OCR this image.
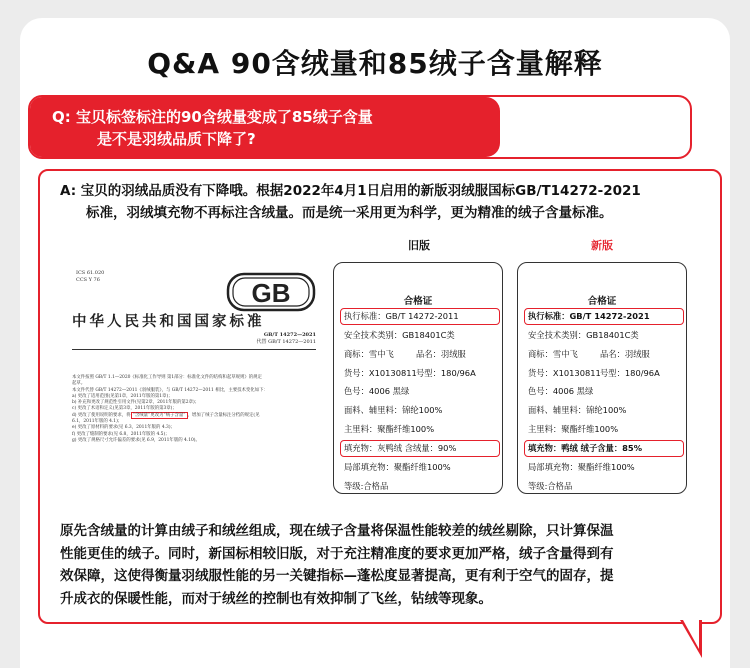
Q&A 90含绒量和85绒子含量解释
Q: 宝贝标签标注的90含绒量变成了85绒子含量
是不是羽绒品质下降了?
A: 宝贝的羽绒品质没有下降哦。根据2022年4月1日启用的新版羽绒服国标GB/T14272-2021
标准，羽绒填充物不再标注含绒量。而是统一采用更为科学，更为精准的绒子含量标准。
ICS 61.020
CCS Y 76	GB
中华人民共和国国家标准
GB/T 14272—2021
代替 GB/T 14272—2011
本文件按照 GB/T 1.1—2020《标准化工作导则 第1部分：标准化文件的结构和起草规则》的规定
起草。
本文件代替 GB/T 14272—2011《羽绒服装》，与 GB/T 14272—2011 相比，主要技术变化如下：
a) 更改了适用范围(见第1章，2011年版的第1章)；
b) 补充和更改了规范性引用文件(见第2章，2011年版的第2章)；
c) 更改了术语和定义(见第3章，2011年版的第3章)；
d) 更改了使用说明的要求，将 “含绒量”更改为“绒子含量” ，增加了绒子含量标注分档的规定(见
6.1，2011年版的 4.1)；
e) 更改了原材料的要求(见 6.3，2011年版的 4.3)；
f) 更改了缝制的要求(见 6.8，2011年版的 4.5)；
g) 更改了规格尺寸允许偏差的要求(见 6.9，2011年版的 4.10)。
旧版	新版
合格证
执行标准：GB/T 14272-2011
安全技术类别：GB18401C类
商标：雪中飞	品名：羽绒服
货号：X10130811 号型：180/96A
色号：4006 黑绿
面料、辅里料：锦纶100%
主里料：聚酯纤维100%
填充物：灰鸭绒 含绒量：90%
局部填充物：聚酯纤维100%
等级:合格品
合格证
执行标准：GB/T 14272-2021
安全技术类别：GB18401C类
商标：雪中飞	品名：羽绒服
货号：X10130811 号型：180/96A
色号：4006 黑绿
面料、辅里料：锦纶100%
主里料：聚酯纤维100%
填充物：鸭绒 绒子含量：85%
局部填充物：聚酯纤维100%
等级:合格品
原先含绒量的计算由绒子和绒丝组成，现在绒子含量将保温性能较差的绒丝剔除，只计算保温
性能更佳的绒子。同时，新国标相较旧版，对于充注精准度的要求更加严格，绒子含量得到有
效保障，这使得衡量羽绒服性能的另一关键指标—蓬松度显著提高，更有利于空气的固存，提
升成衣的保暖性能，而对于绒丝的控制也有效抑制了飞丝，钻绒等现象。
